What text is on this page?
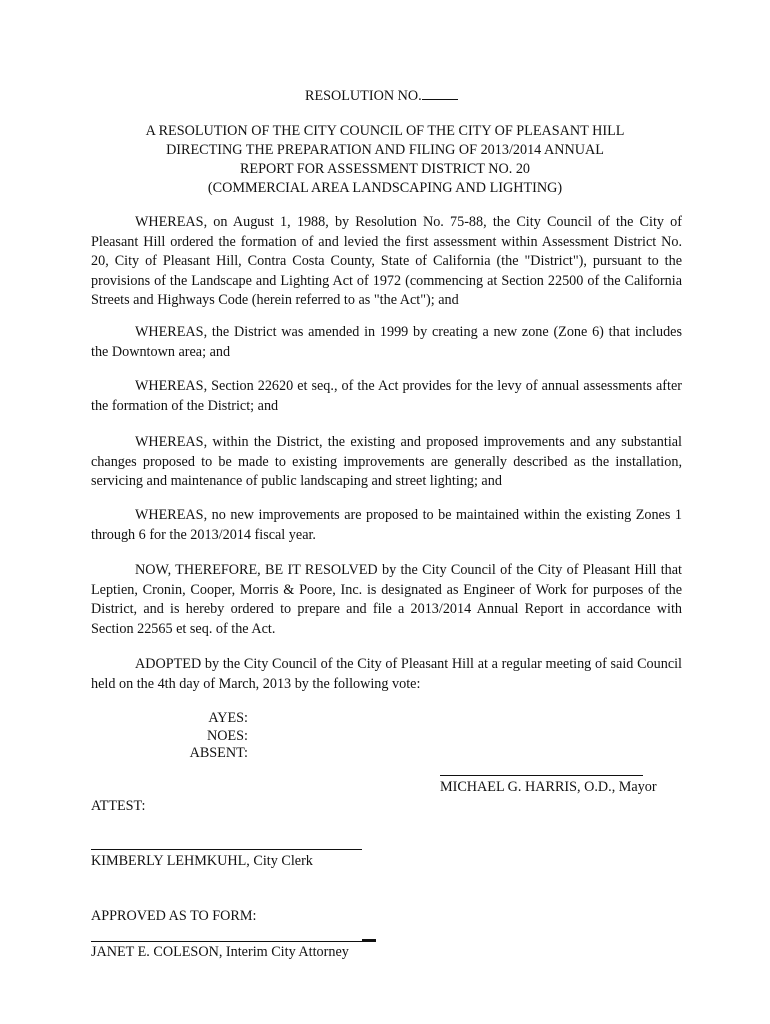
RESOLUTION NO.
A RESOLUTION OF THE CITY COUNCIL OF THE CITY OF PLEASANT HILL
DIRECTING THE PREPARATION AND FILING OF 2013/2014 ANNUAL
REPORT FOR ASSESSMENT DISTRICT NO. 20
(COMMERCIAL AREA LANDSCAPING AND LIGHTING)
WHEREAS, on August 1, 1988, by Resolution No. 75-88, the City Council of the City of Pleasant Hill ordered the formation of and levied the first assessment within Assessment District No. 20, City of Pleasant Hill, Contra Costa County, State of California (the "District"), pursuant to the provisions of the Landscape and Lighting Act of 1972 (commencing at Section 22500 of the California Streets and Highways Code (herein referred to as "the Act"); and
WHEREAS, the District was amended in 1999 by creating a new zone (Zone 6) that includes the Downtown area; and
WHEREAS, Section 22620 et seq., of the Act provides for the levy of annual assessments after the formation of the District; and
WHEREAS, within the District, the existing and proposed improvements and any substantial changes proposed to be made to existing improvements are generally described as the installation, servicing and maintenance of public landscaping and street lighting; and
WHEREAS, no new improvements are proposed to be maintained within the existing Zones 1 through 6 for the 2013/2014 fiscal year.
NOW, THEREFORE, BE IT RESOLVED by the City Council of the City of Pleasant Hill that Leptien, Cronin, Cooper, Morris & Poore, Inc. is designated as Engineer of Work for purposes of the District, and is hereby ordered to prepare and file a 2013/2014 Annual Report in accordance with Section 22565 et seq. of the Act.
ADOPTED by the City Council of the City of Pleasant Hill at a regular meeting of said Council held on the 4th day of March, 2013 by the following vote:
AYES:
NOES:
ABSENT:
MICHAEL G. HARRIS, O.D., Mayor
ATTEST:
KIMBERLY LEHMKUHL, City Clerk
APPROVED AS TO FORM:
JANET E. COLESON, Interim City Attorney
